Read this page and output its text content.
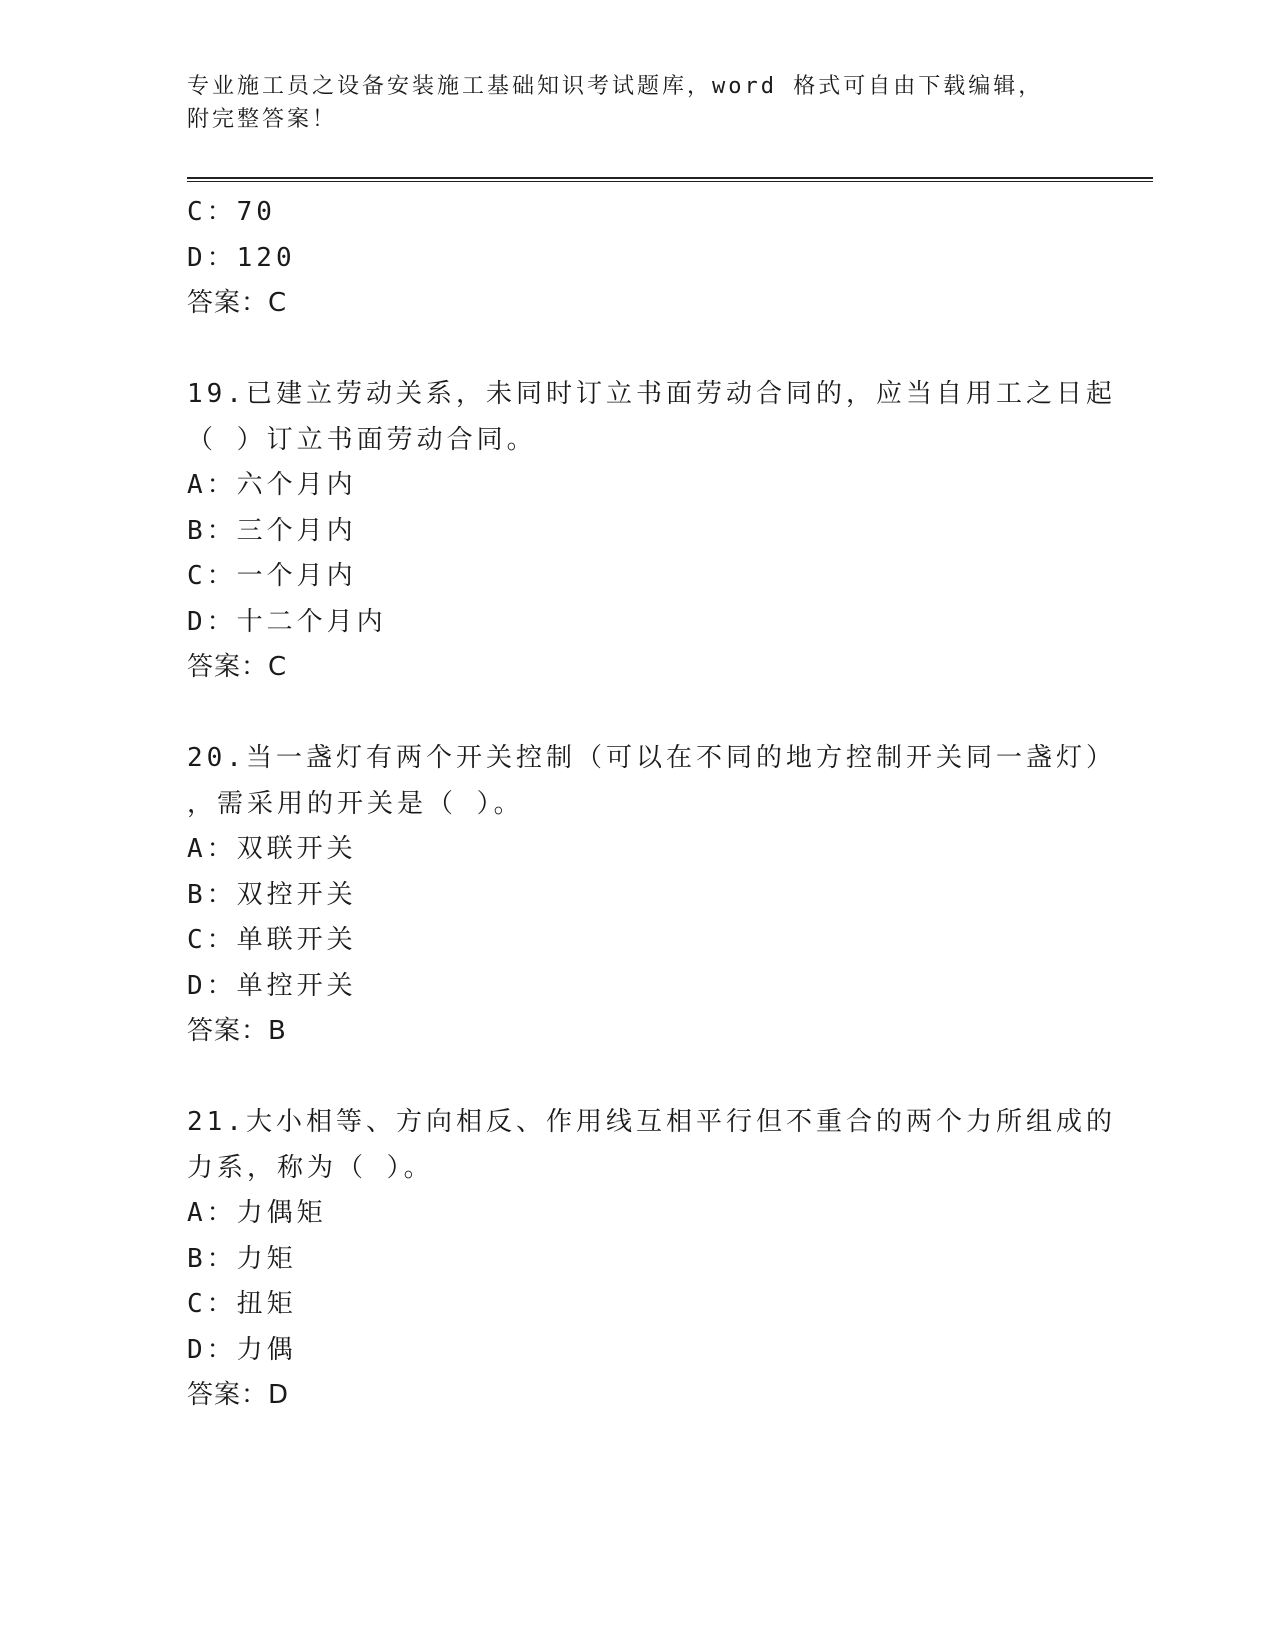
专业施工员之设备安装施工基础知识考试题库，word 格式可自由下载编辑，附完整答案！
C：70
D：120
答案：C
19.已建立劳动关系，未同时订立书面劳动合同的，应当自用工之日起
（ ）订立书面劳动合同。
A：六个月内
B：三个月内
C：一个月内
D：十二个月内
答案：C
20.当一盏灯有两个开关控制（可以在不同的地方控制开关同一盏灯）
，需采用的开关是（ ）。
A：双联开关
B：双控开关
C：单联开关
D：单控开关
答案：B
21.大小相等、方向相反、作用线互相平行但不重合的两个力所组成的
力系，称为（ ）。
A：力偶矩
B：力矩
C：扭矩
D：力偶
答案：D
